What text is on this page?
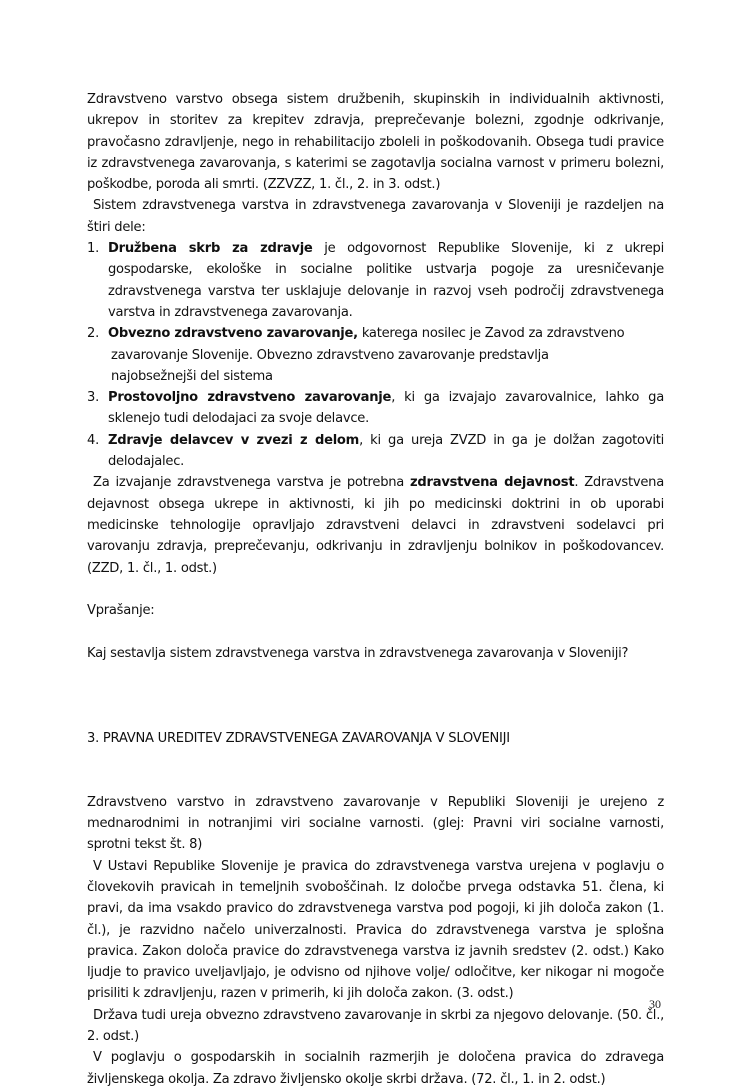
Zdravstveno varstvo obsega sistem družbenih, skupinskih in individualnih aktivnosti, ukrepov in storitev za krepitev zdravja, preprečevanje bolezni, zgodnje odkrivanje, pravočasno zdravljenje, nego in rehabilitacijo zboleli in poškodovanih. Obsega tudi pravice iz zdravstvenega zavarovanja, s katerimi se zagotavlja socialna varnost v primeru bolezni, poškodbe, poroda ali smrti. (ZZVZZ, 1. čl., 2. in 3. odst.)

Sistem zdravstvenega varstva in zdravstvenega zavarovanja v Sloveniji je razdeljen na štiri dele:

1. Družbena skrb za zdravje je odgovornost Republike Slovenije, ki z ukrepi gospodarske, ekološke in socialne politike ustvarja pogoje za uresničevanje zdravstvenega varstva ter usklajuje delovanje in razvoj vseh področij zdravstvenega varstva in zdravstvenega zavarovanja.
2. Obvezno zdravstveno zavarovanje, katerega nosilec je Zavod za zdravstveno
zavarovanje Slovenije. Obvezno zdravstveno zavarovanje predstavlja
najobsežnejši del sistema
3. Prostovoljno zdravstveno zavarovanje, ki ga izvajajo zavarovalnice, lahko ga sklenejo tudi delodajaci za svoje delavce.
4. Zdravje delavcev v zvezi z delom, ki ga ureja ZVZD in ga je dolžan zagotoviti delodajalec.

Za izvajanje zdravstvenega varstva je potrebna zdravstvena dejavnost. Zdravstvena dejavnost obsega ukrepe in aktivnosti, ki jih po medicinski doktrini in ob uporabi medicinske tehnologije opravljajo zdravstveni delavci in zdravstveni sodelavci pri varovanju zdravja, preprečevanju, odkrivanju in zdravljenju bolnikov in poškodovancev. (ZZD, 1. čl., 1. odst.)

Vprašanje:

Kaj sestavlja sistem zdravstvenega varstva in zdravstvenega zavarovanja v Sloveniji?

3. PRAVNA UREDITEV ZDRAVSTVENEGA ZAVAROVANJA V SLOVENIJI

Zdravstveno varstvo in zdravstveno zavarovanje v Republiki Sloveniji je urejeno z mednarodnimi in notranjimi viri socialne varnosti. (glej: Pravni viri socialne varnosti, sprotni tekst št. 8)

V Ustavi Republike Slovenije je pravica do zdravstvenega varstva urejena v poglavju o človekovih pravicah in temeljnih svoboščinah. Iz določbe prvega odstavka 51. člena, ki pravi, da ima vsakdo pravico do zdravstvenega varstva pod pogoji, ki jih določa zakon (1. čl.), je razvidno načelo univerzalnosti. Pravica do zdravstvenega varstva je splošna pravica. Zakon določa pravice do zdravstvenega varstva iz javnih sredstev (2. odst.) Kako ljudje to pravico uveljavljajo, je odvisno od njihove volje/ odločitve, ker nikogar ni mogoče prisiliti k zdravljenju, razen v primerih, ki jih določa zakon. (3. odst.)

Država tudi ureja obvezno zdravstveno zavarovanje in skrbi za njegovo delovanje. (50. čl., 2. odst.)

V poglavju o gospodarskih in socialnih razmerjih je določena pravica do zdravega življenskega okolja. Za zdravo življensko okolje skrbi država. (72. čl., 1. in 2. odst.)

30
